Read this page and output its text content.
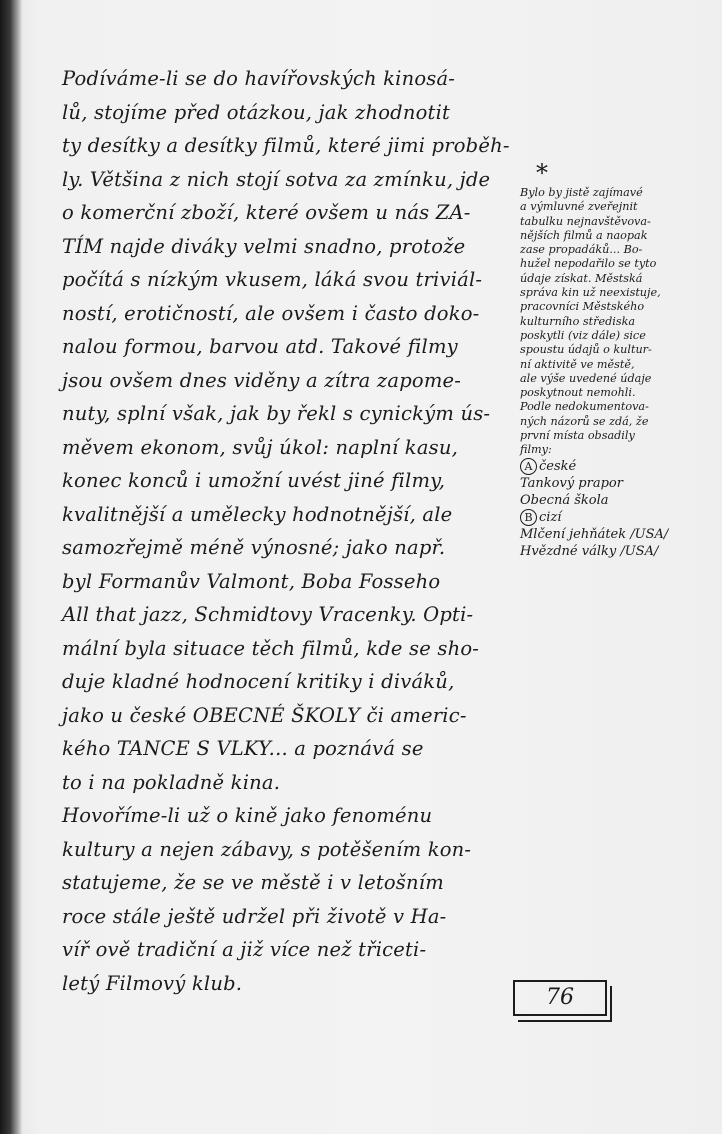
Podíváme-li se do havířovských kinosá-
lů, stojíme před otázkou, jak zhodnotit
ty desítky a desítky filmů, které jimi proběh-
ly. Většina z nich stojí sotva za zmínku, jde
o komerční zboží, které ovšem u nás ZA-
TÍM najde diváky velmi snadno, protože
počítá s nízkým vkusem, láká svou triviál-
ností, erotičností, ale ovšem i často doko-
nalou formou, barvou atd. Takové filmy
jsou ovšem dnes viděny a zítra zapome-
nuty, splní však, jak by řekl s cynickým ús-
měvem ekonom, svůj úkol: naplní kasu,
konec konců i umožní uvést jiné filmy,
kvalitnější a umělecky hodnotnější, ale
samozřejmě méně výnosné; jako např.
byl Formanův Valmont, Boba Fosseho
All that jazz, Schmidtovy Vracenky. Opti-
mální byla situace těch filmů, kde se sho-
duje kladné hodnocení kritiky i diváků,
jako u české OBECNÉ ŠKOLY či americ-
kého TANCE S VLKY... a poznává se
to i na pokladně kina.
Hovoříme-li už o kině jako fenoménu
kultury a nejen zábavy, s potěšením kon-
statujeme, že se ve městě i v letošním
roce stále ještě udržel při životě v Ha-
víř ově tradiční a již více než třiceti-
letý Filmový klub.
*
Bylo by jistě zajímavé
a výmluvné zveřejnit
tabulku nejnavštěvova-
nějších filmů a naopak
zase propadáků... Bo-
hužel nepodařilo se tyto
údaje získat. Městská
správa kin už neexistuje,
pracovníci Městského
kulturního střediska
poskytli (viz dále) sice
spoustu údajů o kultur-
ní aktivitě ve městě,
ale výše uvedené údaje
poskytnout nemohli.
Podle nedokumentova-
ných názorů se zdá, že
první místa obsadily
filmy:
A české
Tankový prapor
Obecná škola
B cizí
Mlčení jehňátek /USA/
Hvězdné války /USA/
76
